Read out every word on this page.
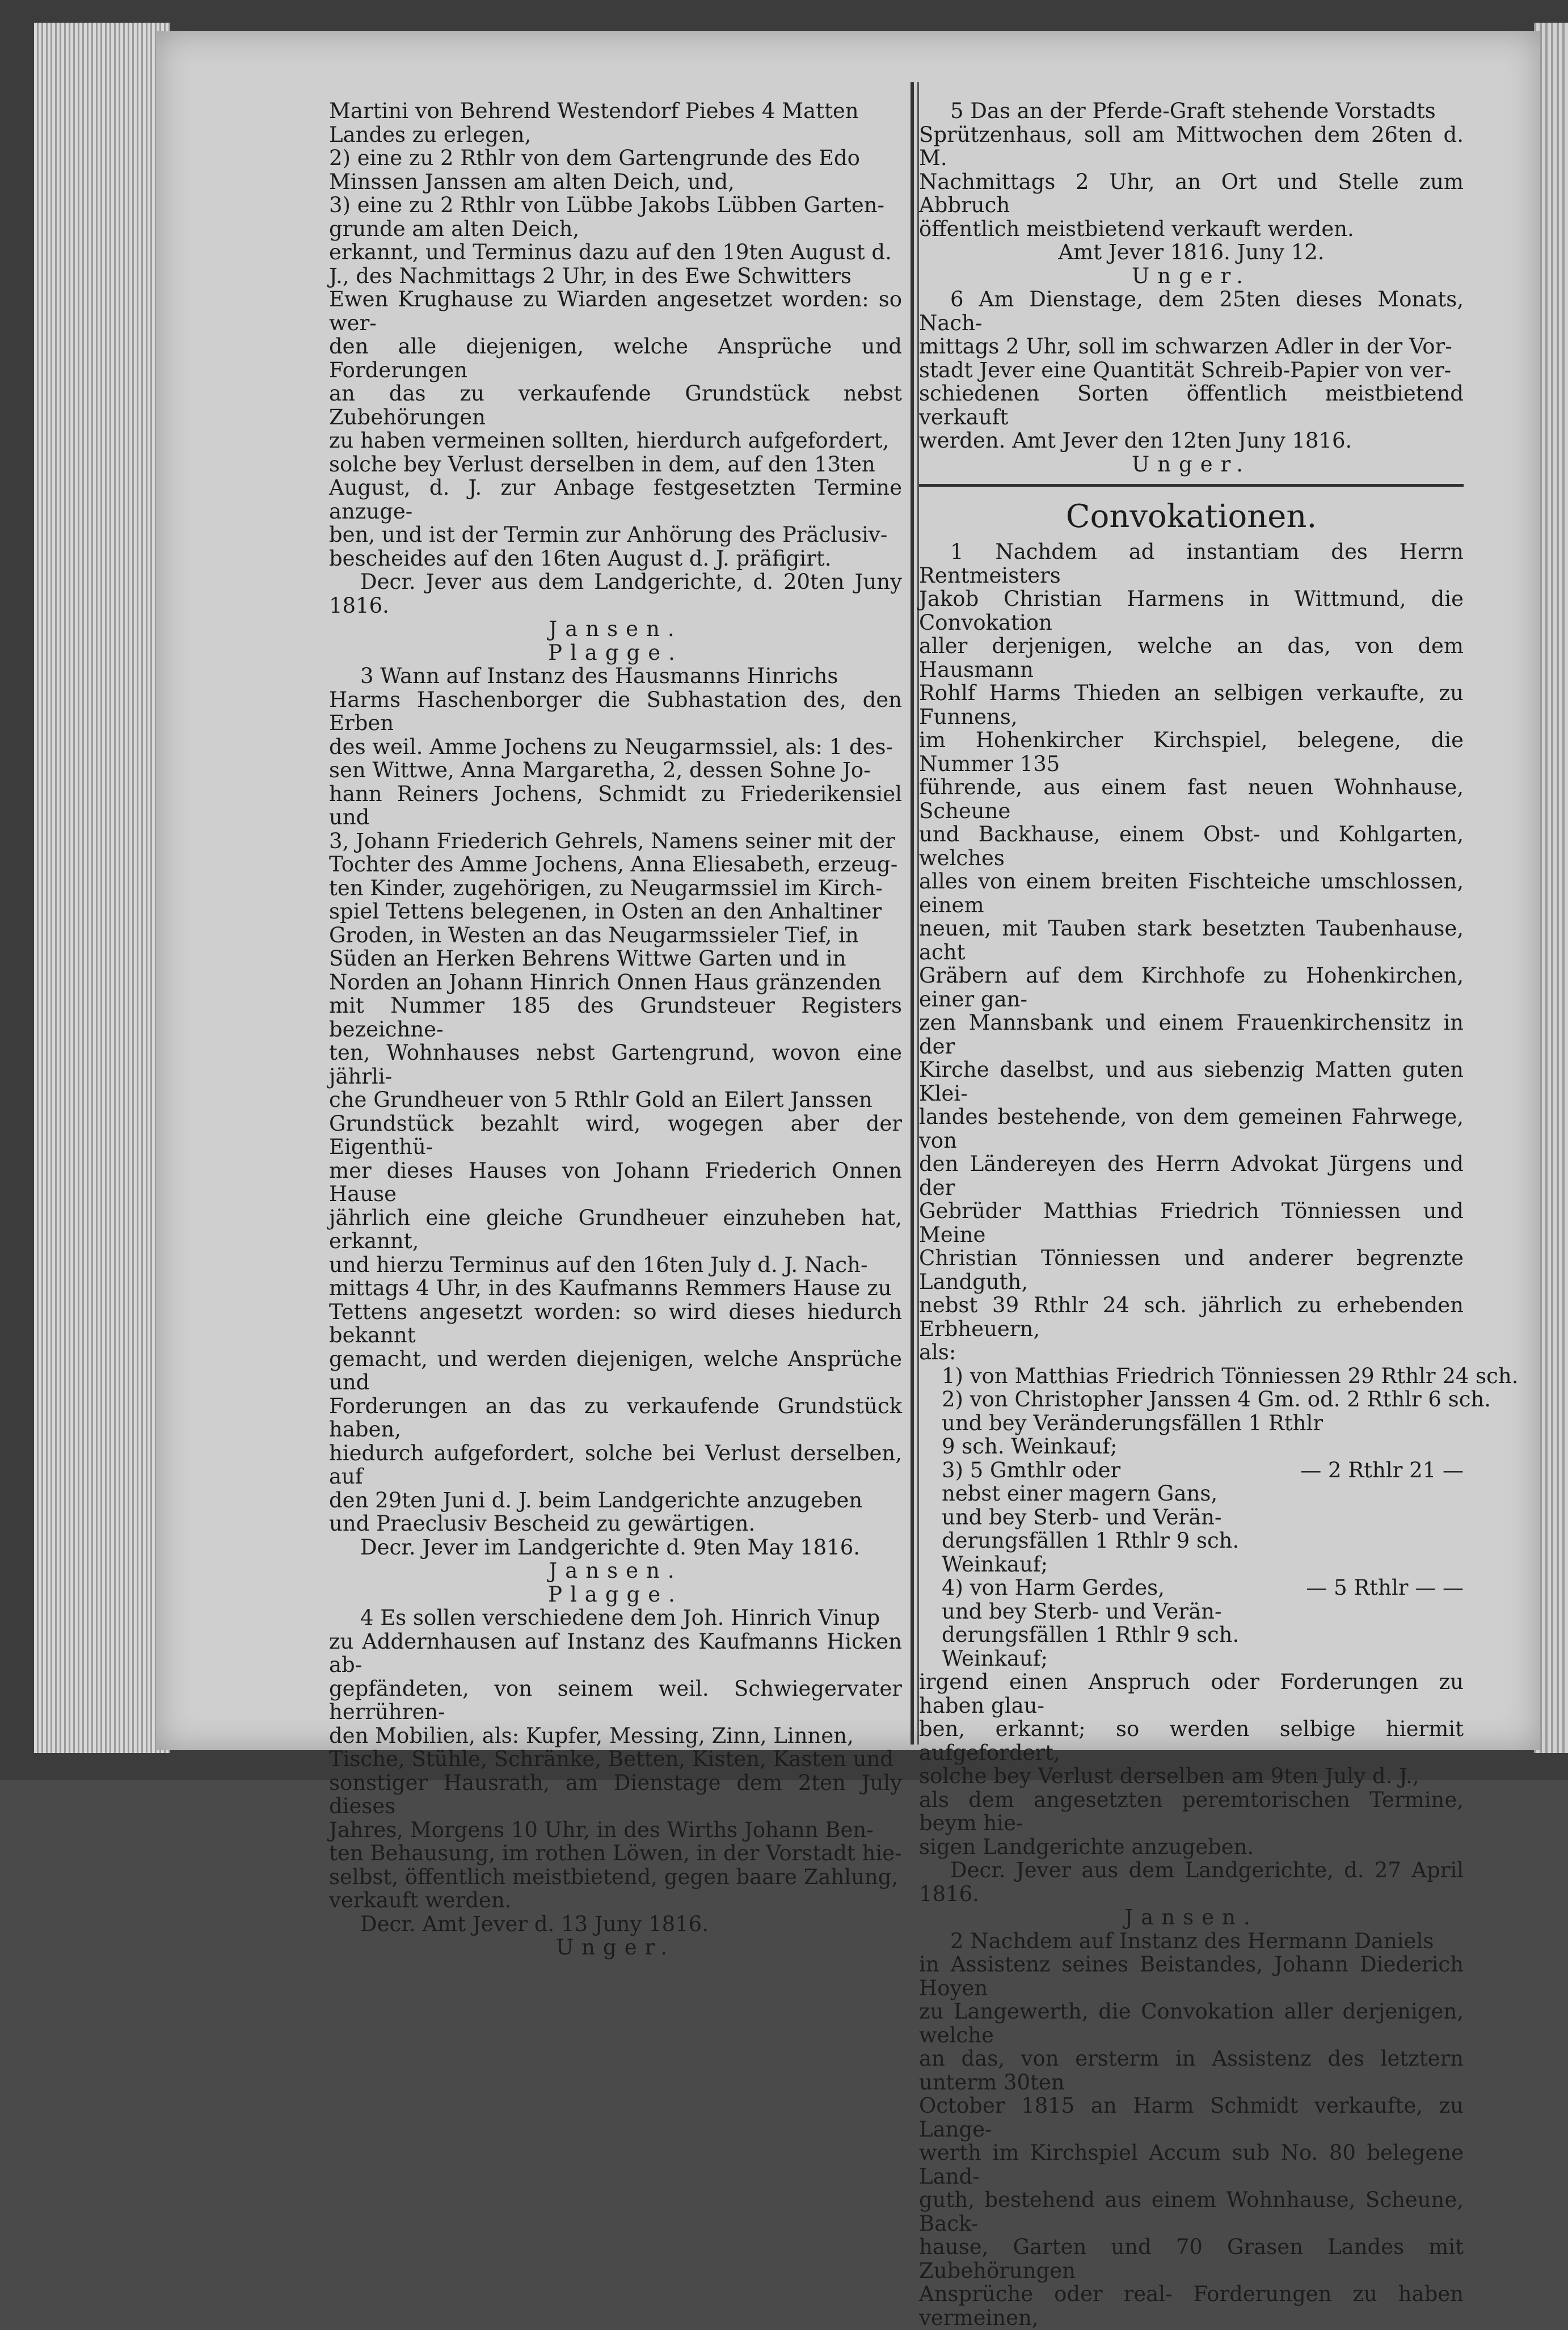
Martini von Behrend Westendorf Piebes 4 Matten

Landes zu erlegen,

2) eine zu 2 Rthlr von dem Gartengrunde des Edo

Minssen Janssen am alten Deich, und,

3) eine zu 2 Rthlr von Lübbe Jakobs Lübben Garten-

grunde am alten Deich,

erkannt, und Terminus dazu auf den 19ten August d.

J., des Nachmittags 2 Uhr, in des Ewe Schwitters

Ewen Krughause zu Wiarden angesetzet worden: so wer-

den alle diejenigen, welche Ansprüche und Forderungen

an das zu verkaufende Grundstück nebst Zubehörungen

zu haben vermeinen sollten, hierdurch aufgefordert,

solche bey Verlust derselben in dem, auf den 13ten

August, d. J. zur Anbage festgesetzten Termine anzuge-

ben, und ist der Termin zur Anhörung des Präclusiv-

bescheides auf den 16ten August d. J. präfigirt.

Decr. Jever aus dem Landgerichte, d. 20ten Juny 1816.

Jansen.

Plagge.

3 Wann auf Instanz des Hausmanns Hinrichs

Harms Haschenborger die Subhastation des, den Erben

des weil. Amme Jochens zu Neugarmssiel, als: 1 des-

sen Wittwe, Anna Margaretha, 2, dessen Sohne Jo-

hann Reiners Jochens, Schmidt zu Friederikensiel und

3, Johann Friederich Gehrels, Namens seiner mit der

Tochter des Amme Jochens, Anna Eliesabeth, erzeug-

ten Kinder, zugehörigen, zu Neugarmssiel im Kirch-

spiel Tettens belegenen, in Osten an den Anhaltiner

Groden, in Westen an das Neugarmssieler Tief, in

Süden an Herken Behrens Wittwe Garten und in

Norden an Johann Hinrich Onnen Haus gränzenden

mit Nummer 185 des Grundsteuer Registers bezeichne-

ten, Wohnhauses nebst Gartengrund, wovon eine jährli-

che Grundheuer von 5 Rthlr Gold an Eilert Janssen

Grundstück bezahlt wird, wogegen aber der Eigenthü-

mer dieses Hauses von Johann Friederich Onnen Hause

jährlich eine gleiche Grundheuer einzuheben hat, erkannt,

und hierzu Terminus auf den 16ten July d. J. Nach-

mittags 4 Uhr, in des Kaufmanns Remmers Hause zu

Tettens angesetzt worden: so wird dieses hiedurch bekannt

gemacht, und werden diejenigen, welche Ansprüche und

Forderungen an das zu verkaufende Grundstück haben,

hiedurch aufgefordert, solche bei Verlust derselben, auf

den 29ten Juni d. J. beim Landgerichte anzugeben

und Praeclusiv Bescheid zu gewärtigen.

Decr. Jever im Landgerichte d. 9ten May 1816.

Jansen.

Plagge.

4 Es sollen verschiedene dem Joh. Hinrich Vinup

zu Addernhausen auf Instanz des Kaufmanns Hicken ab-

gepfändeten, von seinem weil. Schwiegervater herrühren-

den Mobilien, als: Kupfer, Messing, Zinn, Linnen,

Tische, Stühle, Schränke, Betten, Kisten, Kasten und

sonstiger Hausrath, am Dienstage dem 2ten July dieses

Jahres, Morgens 10 Uhr, in des Wirths Johann Ben-

ten Behausung, im rothen Löwen, in der Vorstadt hie-

selbst, öffentlich meistbietend, gegen baare Zahlung,

verkauft werden.

Decr. Amt Jever d. 13 Juny 1816.

Unger.

5 Das an der Pferde-Graft stehende Vorstadts

Sprützenhaus, soll am Mittwochen dem 26ten d. M.

Nachmittags 2 Uhr, an Ort und Stelle zum Abbruch

öffentlich meistbietend verkauft werden.

Amt Jever 1816. Juny 12.

Unger.

6 Am Dienstage, dem 25ten dieses Monats, Nach-

mittags 2 Uhr, soll im schwarzen Adler in der Vor-

stadt Jever eine Quantität Schreib-Papier von ver-

schiedenen Sorten öffentlich meistbietend verkauft

werden. Amt Jever den 12ten Juny 1816.

Unger.

Convokationen.

1 Nachdem ad instantiam des Herrn Rentmeisters

Jakob Christian Harmens in Wittmund, die Convokation

aller derjenigen, welche an das, von dem Hausmann

Rohlf Harms Thieden an selbigen verkaufte, zu Funnens,

im Hohenkircher Kirchspiel, belegene, die Nummer 135

führende, aus einem fast neuen Wohnhause, Scheune

und Backhause, einem Obst- und Kohlgarten, welches

alles von einem breiten Fischteiche umschlossen, einem

neuen, mit Tauben stark besetzten Taubenhause, acht

Gräbern auf dem Kirchhofe zu Hohenkirchen, einer gan-

zen Mannsbank und einem Frauenkirchensitz in der

Kirche daselbst, und aus siebenzig Matten guten Klei-

landes bestehende, von dem gemeinen Fahrwege, von

den Ländereyen des Herrn Advokat Jürgens und der

Gebrüder Matthias Friedrich Tönniessen und Meine

Christian Tönniessen und anderer begrenzte Landguth,

nebst 39 Rthlr 24 sch. jährlich zu erhebenden Erbheuern,

als:

1) von Matthias Friedrich Tönniessen 29 Rthlr 24 sch.
2) von Christopher Janssen 4 Gm. od. 2 Rthlr 6 sch.
und bey Veränderungsfällen 1 Rthlr
9 sch. Weinkauf;
3) 5 Gmthlr oder	— 2 Rthlr 21 —
nebst einer magern Gans,
und bey Sterb- und Verän-
derungsfällen 1 Rthlr 9 sch.
Weinkauf;
4) von Harm Gerdes,	— 5 Rthlr — —
und bey Sterb- und Verän-
derungsfällen 1 Rthlr 9 sch.
Weinkauf;

irgend einen Anspruch oder Forderungen zu haben glau-

ben, erkannt; so werden selbige hiermit aufgefordert,

solche bey Verlust derselben am 9ten July d. J.,

als dem angesetzten peremtorischen Termine, beym hie-

sigen Landgerichte anzugeben.

Decr. Jever aus dem Landgerichte, d. 27 April 1816.

Jansen.

2 Nachdem auf Instanz des Hermann Daniels

in Assistenz seines Beistandes, Johann Diederich Hoyen

zu Langewerth, die Convokation aller derjenigen, welche

an das, von ersterm in Assistenz des letztern unterm 30ten

October 1815 an Harm Schmidt verkaufte, zu Lange-

werth im Kirchspiel Accum sub No. 80 belegene Land-

guth, bestehend aus einem Wohnhause, Scheune, Back-

hause, Garten und 70 Grasen Landes mit Zubehörungen

Ansprüche oder real- Forderungen zu haben vermeinen,
